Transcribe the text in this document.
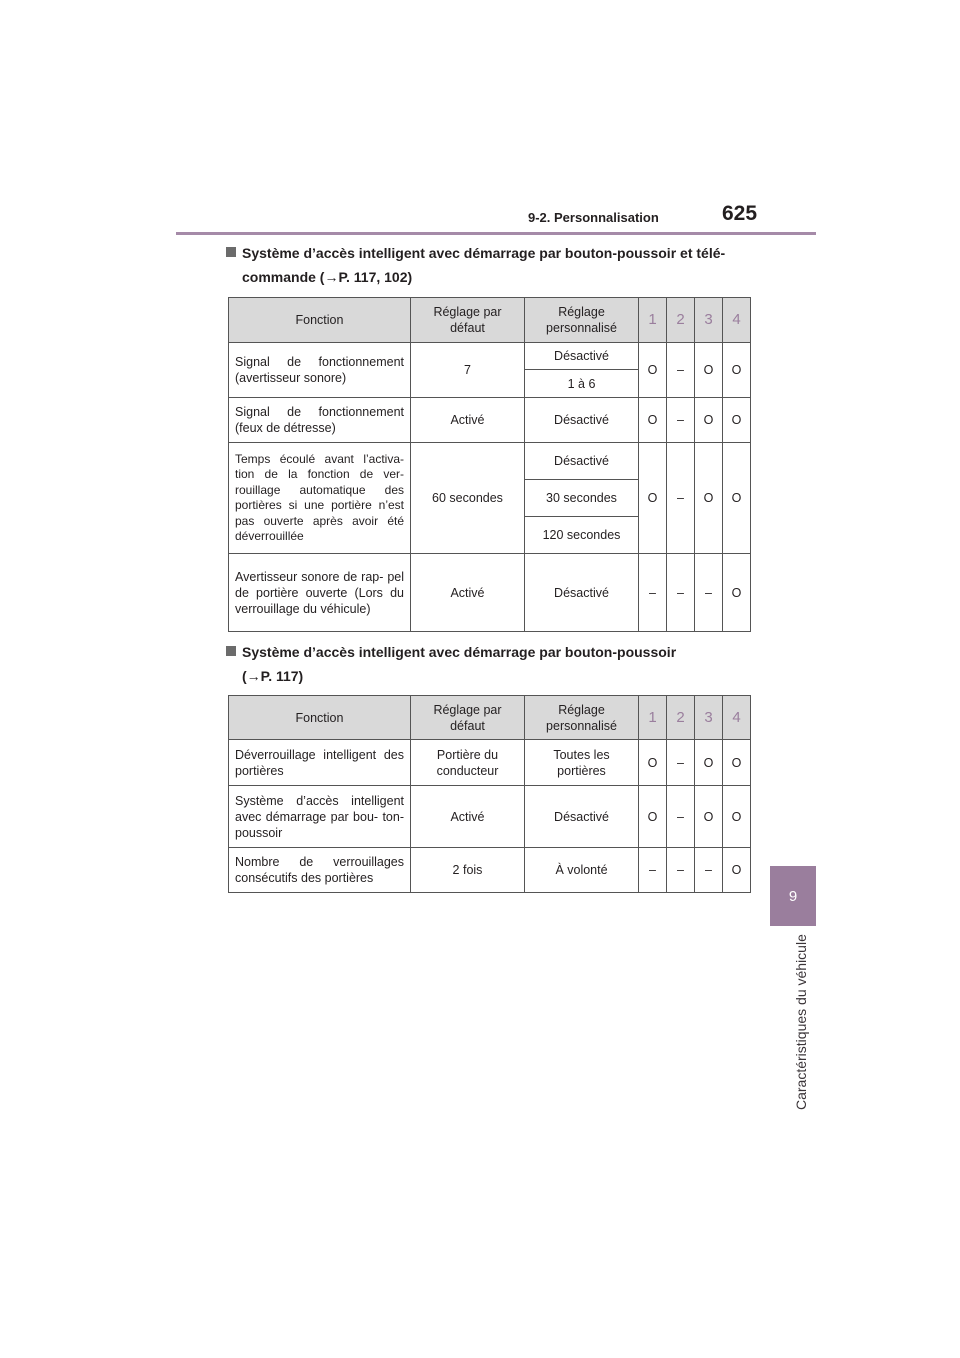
9-2. Personnalisation	625
9
Caractéristiques du véhicule
Système d’accès intelligent avec démarrage par bouton-poussoir et télé-
commande (→P. 117, 102)
Fonction	Réglage par défaut	Réglage personnalisé	1	2	3	4
Signal de fonctionnement (avertisseur sonore)	7	Désactivé	O	–	O	O
		1 à 6				
Signal de fonctionnement (feux de détresse)	Activé	Désactivé	O	–	O	O
Temps écoulé avant l’activa- tion de la fonction de ver- rouillage automatique des portières si une portière n’est pas ouverte après avoir été déverrouillée	60 secondes	Désactivé	O	–	O	O
		30 secondes				
		120 secondes				
Avertisseur sonore de rap- pel de portière ouverte (Lors du verrouillage du véhicule)	Activé	Désactivé	–	–	–	O
Système d’accès intelligent avec démarrage par bouton-poussoir
(→P. 117)
Fonction	Réglage par défaut	Réglage personnalisé	1	2	3	4
Déverrouillage intelligent des portières	Portière du conducteur	Toutes les portières	O	–	O	O
Système d’accès intelligent avec démarrage par bou- ton-poussoir	Activé	Désactivé	O	–	O	O
Nombre de verrouillages consécutifs des portières	2 fois	À volonté	–	–	–	O
